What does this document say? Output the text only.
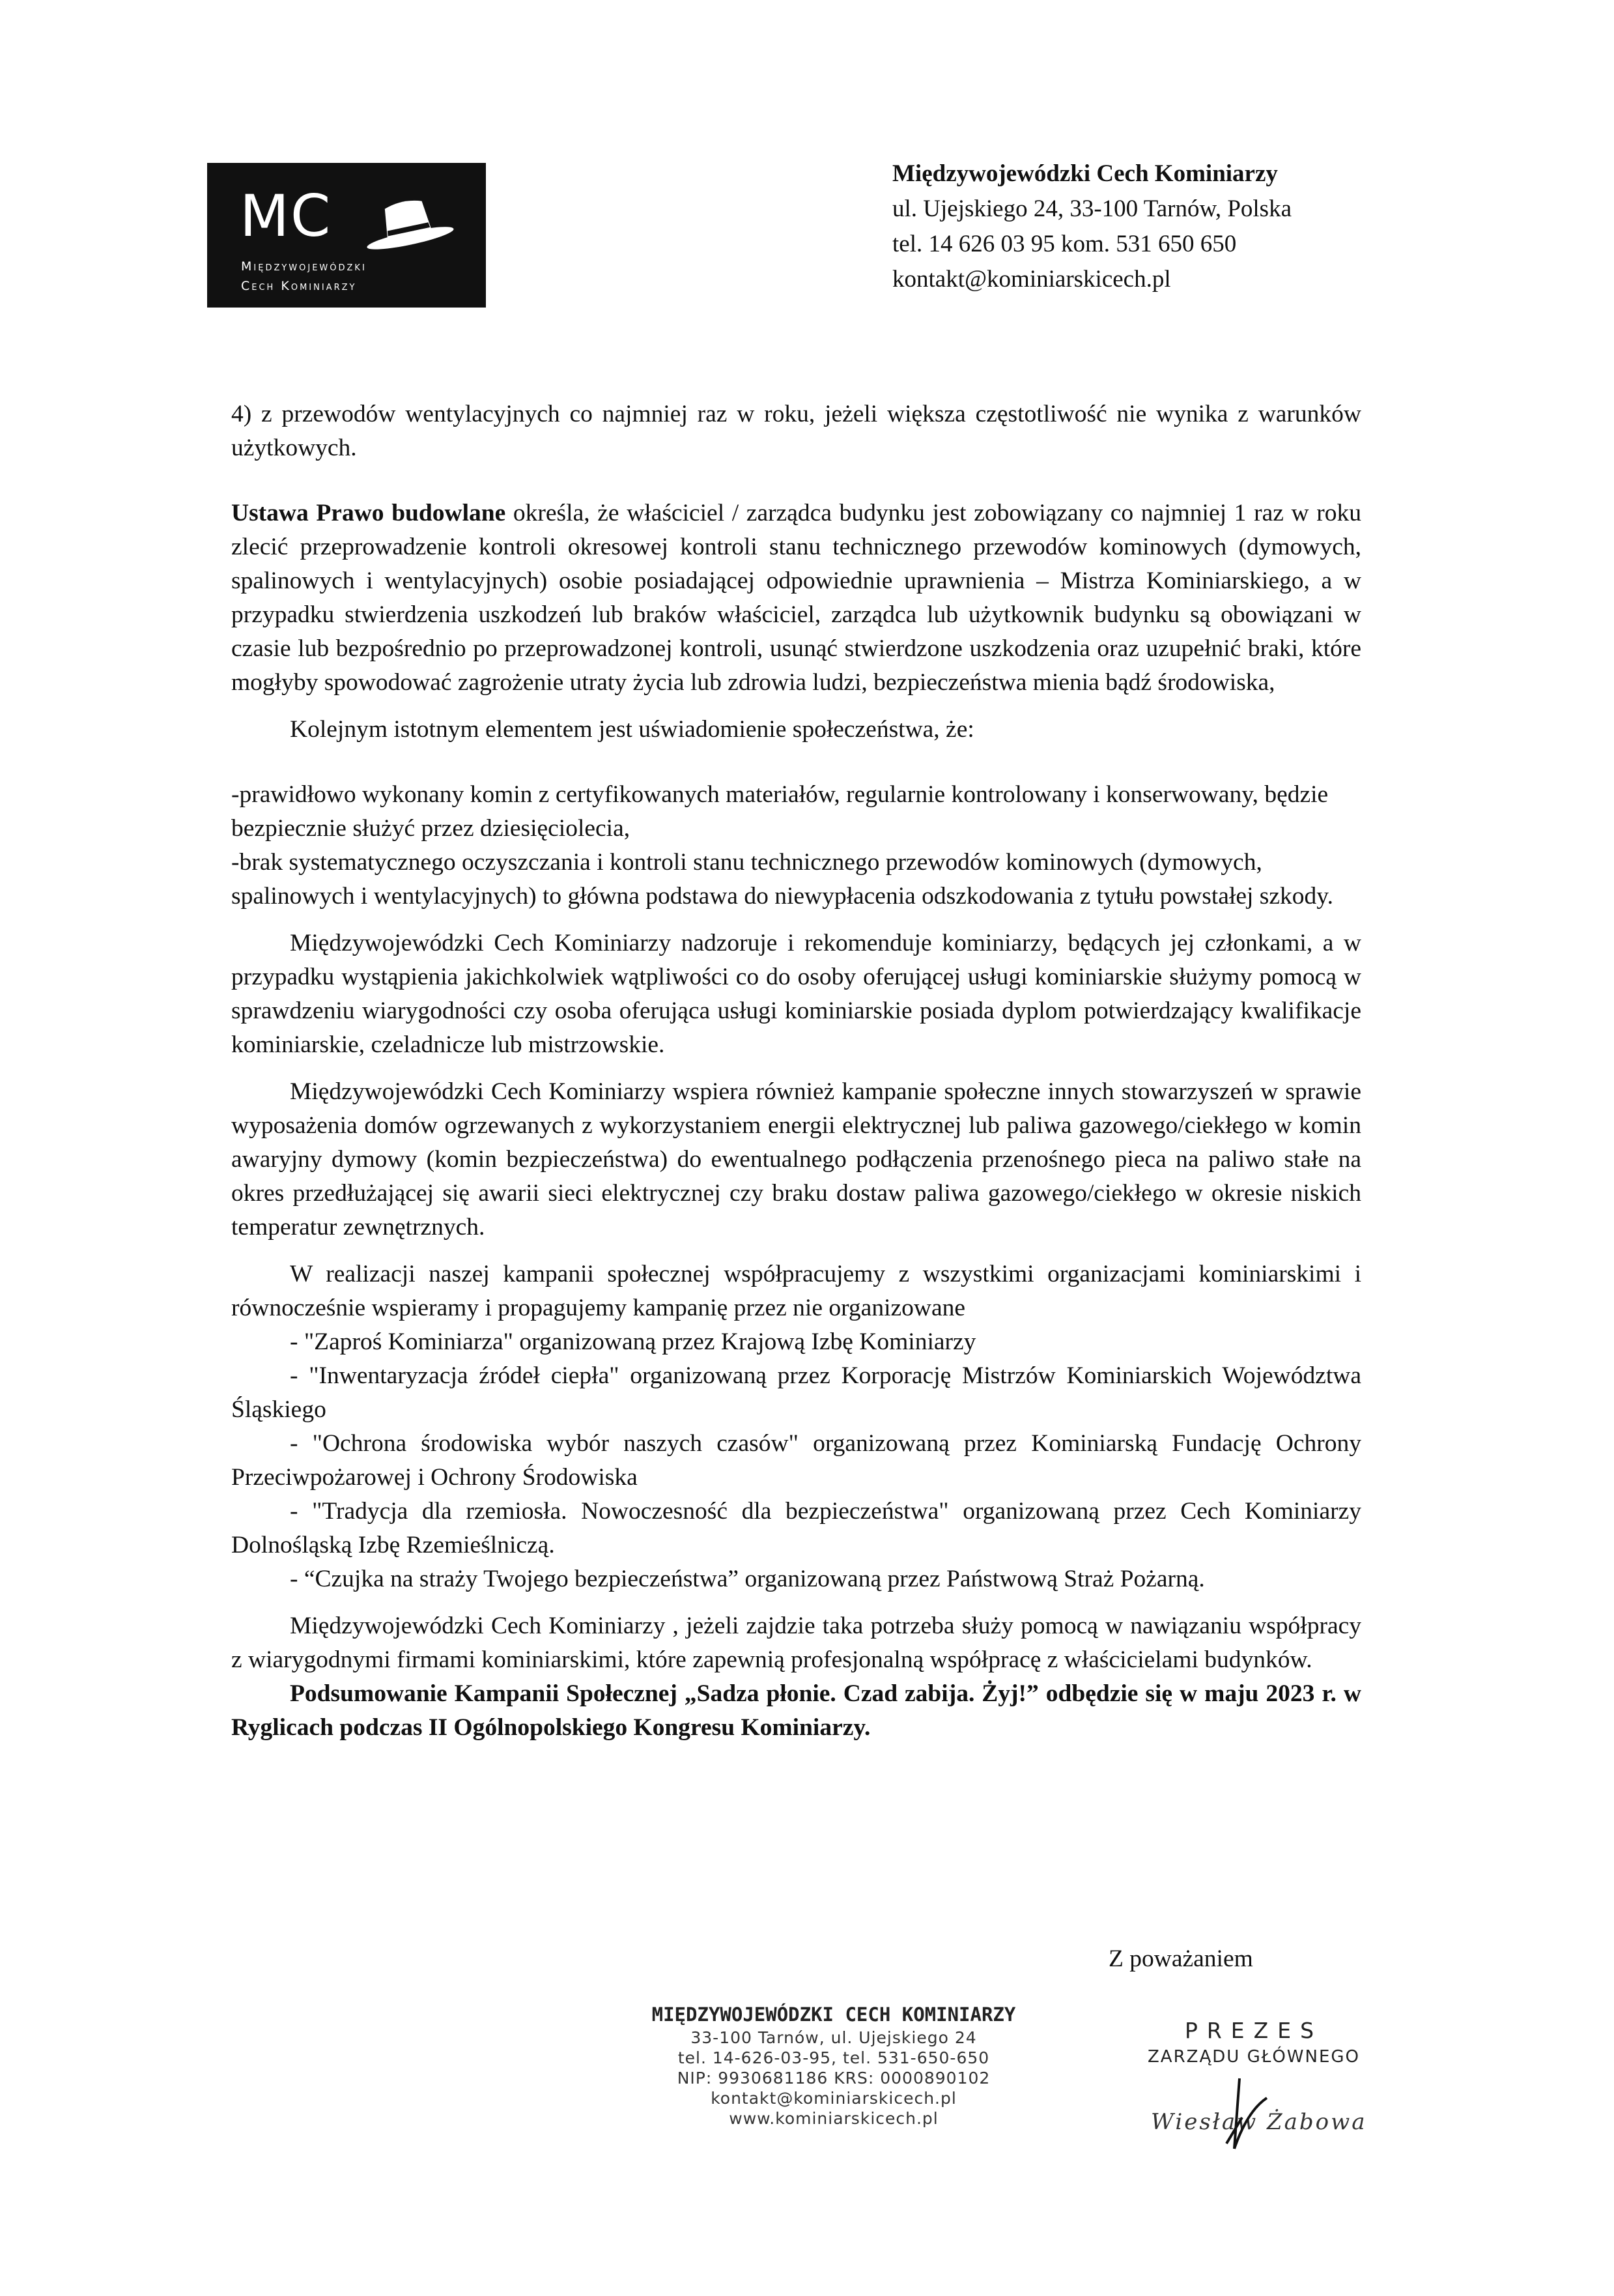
MC
Międzywojewódzki
Cech Kominiarzy
Międzywojewódzki Cech Kominiarzy
ul. Ujejskiego 24, 33-100 Tarnów, Polska
tel. 14 626 03 95 kom. 531 650 650
kontakt@kominiarskicech.pl

4) z przewodów wentylacyjnych co najmniej raz w roku, jeżeli większa częstotliwość nie wynika z warunków użytkowych.

Ustawa Prawo budowlane określa, że właściciel / zarządca budynku jest zobowiązany co najmniej 1 raz w roku zlecić przeprowadzenie kontroli okresowej kontroli stanu technicznego przewodów kominowych (dymowych, spalinowych i wentylacyjnych) osobie posiadającej odpowiednie uprawnienia – Mistrza Kominiarskiego, a w przypadku stwierdzenia uszkodzeń lub braków właściciel, zarządca lub użytkownik budynku są obowiązani w czasie lub bezpośrednio po przeprowadzonej kontroli, usunąć stwierdzone uszkodzenia oraz uzupełnić braki, które mogłyby spowodować zagrożenie utraty życia lub zdrowia ludzi, bezpieczeństwa mienia bądź środowiska,

Kolejnym istotnym elementem jest uświadomienie społeczeństwa, że:

-prawidłowo wykonany komin z certyfikowanych materiałów, regularnie kontrolowany i konserwowany, będzie bezpiecznie służyć przez dziesięciolecia,

-brak systematycznego oczyszczania i kontroli stanu technicznego przewodów kominowych (dymowych, spalinowych i wentylacyjnych) to główna podstawa do niewypłacenia odszkodowania z tytułu powstałej szkody.

Międzywojewódzki Cech Kominiarzy nadzoruje i rekomenduje kominiarzy, będących jej członkami, a w przypadku wystąpienia jakichkolwiek wątpliwości co do osoby oferującej usługi kominiarskie służymy pomocą w sprawdzeniu wiarygodności czy osoba oferująca usługi kominiarskie posiada dyplom potwierdzający kwalifikacje kominiarskie, czeladnicze lub mistrzowskie.

Międzywojewódzki Cech Kominiarzy wspiera również kampanie społeczne innych stowarzyszeń w sprawie wyposażenia domów ogrzewanych z wykorzystaniem energii elektrycznej lub paliwa gazowego/ciekłego w komin awaryjny dymowy (komin bezpieczeństwa) do ewentualnego podłączenia przenośnego pieca na paliwo stałe na okres przedłużającej się awarii sieci elektrycznej czy braku dostaw paliwa gazowego/ciekłego w okresie niskich temperatur zewnętrznych.

W realizacji naszej kampanii społecznej współpracujemy z wszystkimi organizacjami kominiarskimi i równocześnie wspieramy i propagujemy kampanię przez nie organizowane

- "Zaproś Kominiarza" organizowaną przez Krajową Izbę Kominiarzy

- "Inwentaryzacja źródeł ciepła" organizowaną przez Korporację Mistrzów Kominiarskich Województwa Śląskiego

- "Ochrona środowiska wybór naszych czasów" organizowaną przez Kominiarską Fundację Ochrony Przeciwpożarowej i Ochrony Środowiska

- "Tradycja dla rzemiosła. Nowoczesność dla bezpieczeństwa" organizowaną przez Cech Kominiarzy Dolnośląską Izbę Rzemieślniczą.

- “Czujka na straży Twojego bezpieczeństwa” organizowaną przez Państwową Straż Pożarną.

Międzywojewódzki Cech Kominiarzy , jeżeli zajdzie taka potrzeba służy pomocą w nawiązaniu współpracy z wiarygodnymi firmami kominiarskimi, które zapewnią profesjonalną współpracę z właścicielami budynków.

Podsumowanie Kampanii Społecznej „Sadza płonie. Czad zabija. Żyj!” odbędzie się w maju 2023 r. w Ryglicach podczas II Ogólnopolskiego Kongresu Kominiarzy.

Z poważaniem
MIĘDZYWOJEWÓDZKI CECH KOMINIARZY
33-100 Tarnów, ul. Ujejskiego 24
tel. 14-626-03-95, tel. 531-650-650
NIP: 9930681186 KRS: 0000890102
kontakt@kominiarskicech.pl
www.kominiarskicech.pl
PREZES
ZARZĄDU GŁÓWNEGO
Wiesław Żabowa
